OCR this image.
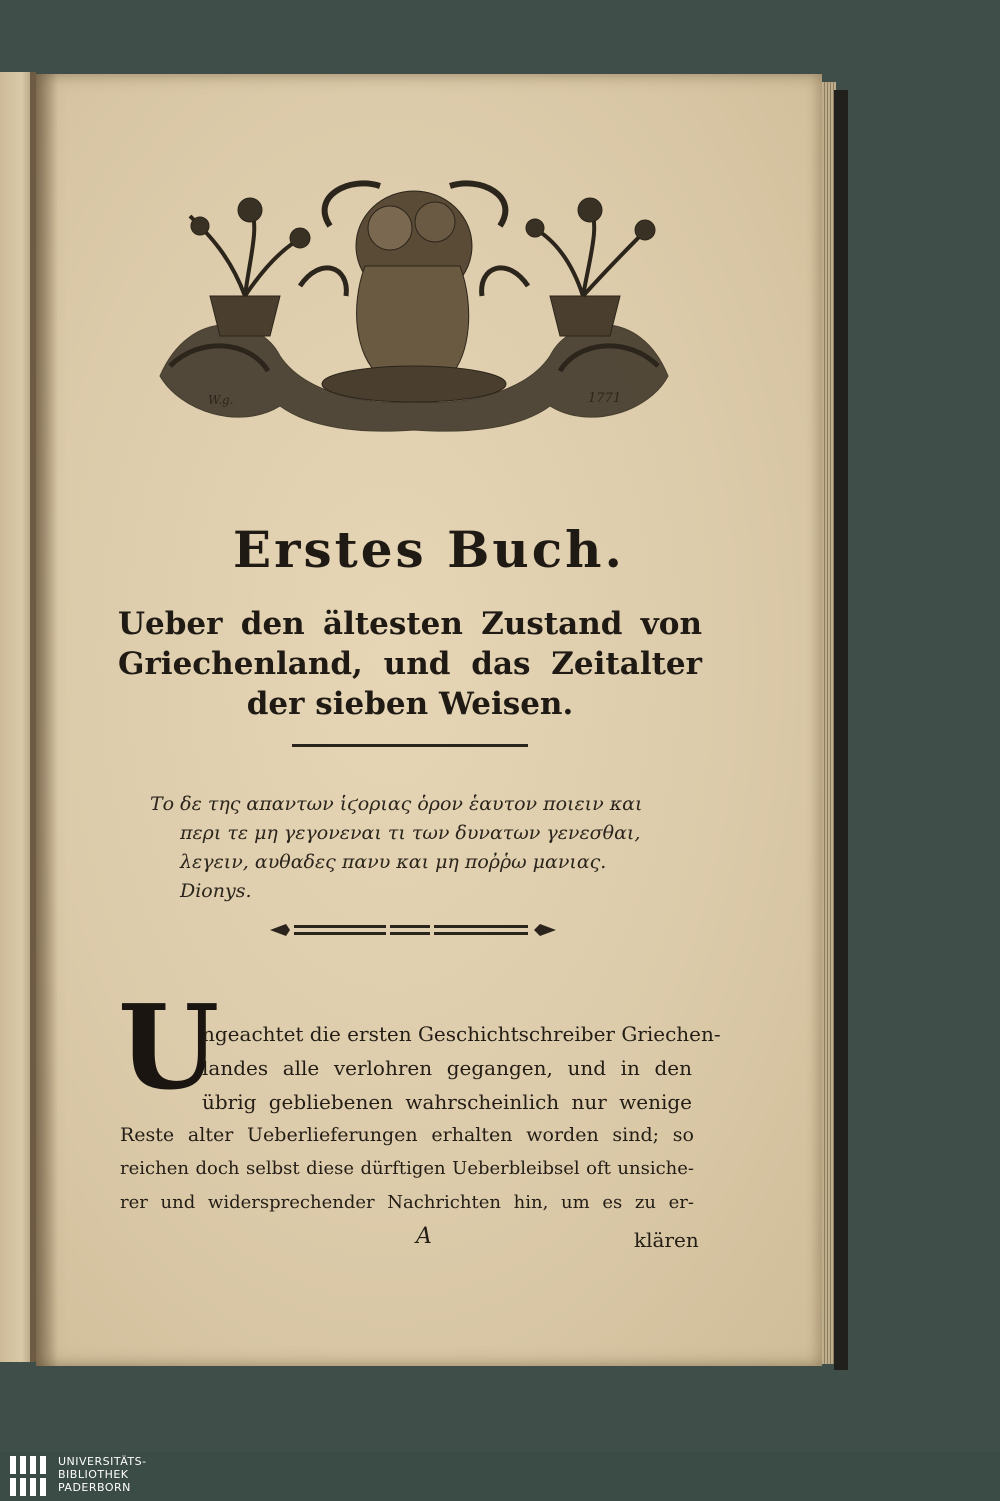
W.g.	1771
Erstes Buch.
Ueber den ältesten Zustand von Griechenland, und das Zeitalter der sieben Weisen.
Το δε της απαντων ἱϛοριας ὁρον ἑαυτον ποιειν και
περι τε μη γεγονεναι τι των δυνατων γενεσθαι,
λεγειν, αυθαδες πανυ και μη ποῤῥω μανιας.
Dionys.
U
ngeachtet die ersten Geschichtschreiber Griechen-
landes alle verlohren gegangen, und in den
übrig gebliebenen wahrscheinlich nur wenige
Reste alter Ueberlieferungen erhalten worden sind; so
reichen doch selbst diese dürftigen Ueberbleibsel oft unsiche-
rer und widersprechender Nachrichten hin, um es zu er-
A	klären
UNIVERSITÄTS-
BIBLIOTHEK
PADERBORN
